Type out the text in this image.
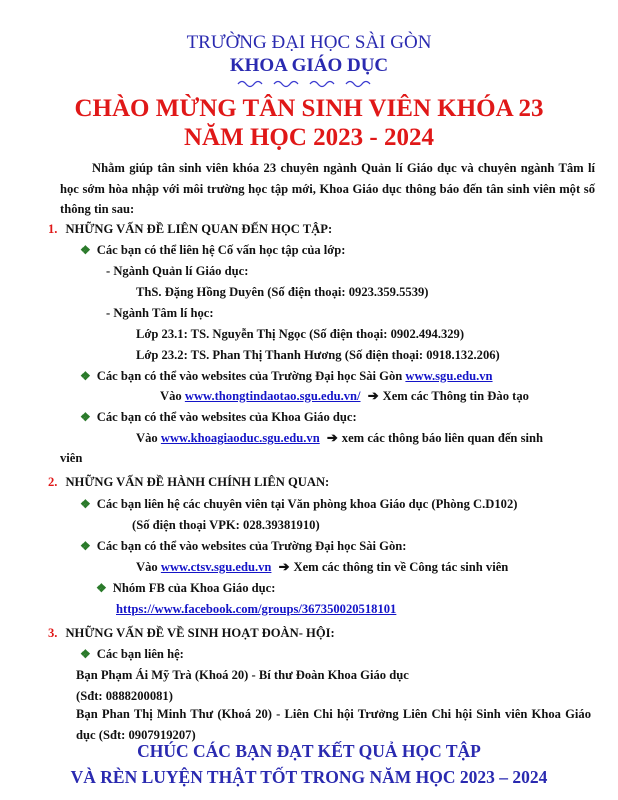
TRƯỜNG ĐẠI HỌC SÀI GÒN
KHOA GIÁO DỤC
CHÀO MỪNG TÂN SINH VIÊN KHÓA 23
NĂM HỌC 2023 - 2024

Nhằm giúp tân sinh viên khóa 23 chuyên ngành Quản lí Giáo dục và chuyên ngành Tâm lí học sớm hòa nhập với môi trường học tập mới, Khoa Giáo dục thông báo đến tân sinh viên một số thông tin sau:

1. NHỮNG VẤN ĐỀ LIÊN QUAN ĐẾN HỌC TẬP:
❖ Các bạn có thể liên hệ Cố vấn học tập của lớp:
- Ngành Quản lí Giáo dục:
ThS. Đặng Hồng Duyên (Số điện thoại: 0923.359.5539)
- Ngành Tâm lí học:
Lớp 23.1: TS. Nguyễn Thị Ngọc (Số điện thoại: 0902.494.329)
Lớp 23.2: TS. Phan Thị Thanh Hương (Số điện thoại: 0918.132.206)
❖ Các bạn có thể vào websites của Trường Đại học Sài Gòn www.sgu.edu.vn
Vào www.thongtindaotao.sgu.edu.vn/ ➔ Xem các Thông tin Đào tạo
❖ Các bạn có thể vào websites của Khoa Giáo dục:
Vào www.khoagiaoduc.sgu.edu.vn ➔ xem các thông báo liên quan đến sinh
viên
2. NHỮNG VẤN ĐỀ HÀNH CHÍNH LIÊN QUAN:
❖ Các bạn liên hệ các chuyên viên tại Văn phòng khoa Giáo dục (Phòng C.D102)
(Số điện thoại VPK: 028.39381910)
❖ Các bạn có thể vào websites của Trường Đại học Sài Gòn:
Vào www.ctsv.sgu.edu.vn ➔ Xem các thông tin về Công tác sinh viên
❖ Nhóm FB của Khoa Giáo dục:
https://www.facebook.com/groups/367350020518101
3. NHỮNG VẤN ĐỀ VỀ SINH HOẠT ĐOÀN- HỘI:
❖ Các bạn liên hệ:
Bạn Phạm Ái Mỹ Trà (Khoá 20) - Bí thư Đoàn Khoa Giáo dục
(Sđt: 0888200081)

Bạn Phan Thị Minh Thư (Khoá 20) - Liên Chi hội Trưởng Liên Chi hội Sinh viên Khoa Giáo dục (Sđt: 0907919207)

CHÚC CÁC BẠN ĐẠT KẾT QUẢ HỌC TẬP
VÀ RÈN LUYỆN THẬT TỐT TRONG NĂM HỌC 2023 – 2024
